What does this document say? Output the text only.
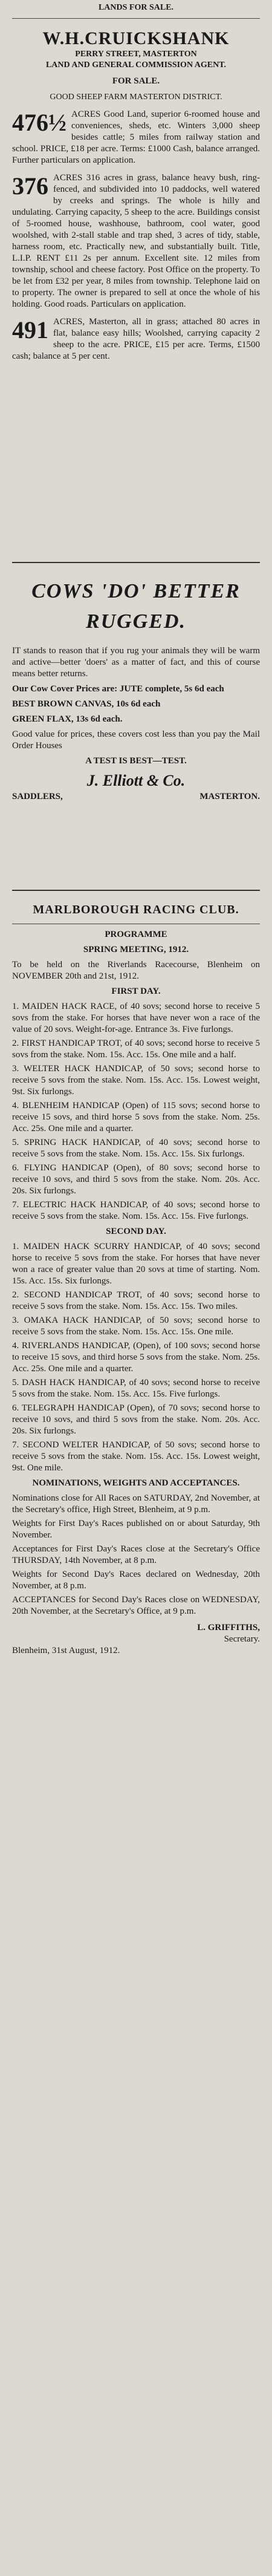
LANDS FOR SALE.
W.H.CRUICKSHANK
PERRY STREET, MASTERTON
LAND AND GENERAL COMMISSION AGENT.
FOR SALE.
GOOD SHEEP FARM MASTERTON DISTRICT.
476½ ACRES Good Land, superior 6-roomed house and conveniences, sheds, etc. Winters 3,000 sheep besides cattle; 5 miles from railway station and school. PRICE, £18 per acre. Terms: £1000 Cash, balance arranged. Further particulars on application.
376 ACRES 316 acres in grass, balance heavy bush, ring-fenced, and subdivided into 10 paddocks, well watered by creeks and springs. The whole is hilly and undulating. Carrying capacity, 5 sheep to the acre. Buildings consist of 5-roomed house, washhouse, bathroom, cool water, good woolshed, with 2-stall stable and trap shed, 3 acres of tidy, stable, harness room, etc. Practically new, and substantially built. Title, L.I.P. RENT £11 2s per annum. Excellent site. 12 miles from township, school and cheese factory. Post Office on the property. To be let from £32 per year, 8 miles from township. Telephone laid on to property. The owner is prepared to sell at once the whole of his holding. Good roads. Particulars on application.
491 ACRES, Masterton, all in grass; attached 80 acres in flat, balance easy hills; Woolshed, carrying capacity 2 sheep to the acre. PRICE, £15 per acre. Terms, £1500 cash; balance at 5 per cent.
COWS 'DO' BETTER
RUGGED.

IT stands to reason that if you rug your animals they will be warm and active—better 'doers' as a matter of fact, and this of course means better returns.

Our Cow Cover Prices are: JUTE complete, 5s 6d each

BEST BROWN CANVAS, 10s 6d each

GREEN FLAX, 13s 6d each.

Good value for prices, these covers cost less than you pay the Mail Order Houses

A TEST IS BEST—TEST.

J. Elliott & Co.
SADDLERS,	MASTERTON.
MARLBOROUGH RACING CLUB.
PROGRAMME
SPRING MEETING, 1912.

To be held on the Riverlands Racecourse, Blenheim on NOVEMBER 20th and 21st, 1912.

FIRST DAY.

1. MAIDEN HACK RACE, of 40 sovs; second horse to receive 5 sovs from the stake. For horses that have never won a race of the value of 20 sovs. Weight-for-age. Entrance 3s. Five furlongs.

2. FIRST HANDICAP TROT, of 40 sovs; second horse to receive 5 sovs from the stake. Nom. 15s. Acc. 15s. One mile and a half.

3. WELTER HACK HANDICAP, of 50 sovs; second horse to receive 5 sovs from the stake. Nom. 15s. Acc. 15s. Lowest weight, 9st. Six furlongs.

4. BLENHEIM HANDICAP (Open) of 115 sovs; second horse to receive 15 sovs, and third horse 5 sovs from the stake. Nom. 25s. Acc. 25s. One mile and a quarter.

5. SPRING HACK HANDICAP, of 40 sovs; second horse to receive 5 sovs from the stake. Nom. 15s. Acc. 15s. Six furlongs.

6. FLYING HANDICAP (Open), of 80 sovs; second horse to receive 10 sovs, and third 5 sovs from the stake. Nom. 20s. Acc. 20s. Six furlongs.

7. ELECTRIC HACK HANDICAP, of 40 sovs; second horse to receive 5 sovs from the stake. Nom. 15s. Acc. 15s. Five furlongs.

SECOND DAY.

1. MAIDEN HACK SCURRY HANDICAP, of 40 sovs; second horse to receive 5 sovs from the stake. For horses that have never won a race of greater value than 20 sovs at time of starting. Nom. 15s. Acc. 15s. Six furlongs.

2. SECOND HANDICAP TROT, of 40 sovs; second horse to receive 5 sovs from the stake. Nom. 15s. Acc. 15s. Two miles.

3. OMAKA HACK HANDICAP, of 50 sovs; second horse to receive 5 sovs from the stake. Nom. 15s. Acc. 15s. One mile.

4. RIVERLANDS HANDICAP, (Open), of 100 sovs; second horse to receive 15 sovs, and third horse 5 sovs from the stake. Nom. 25s. Acc. 25s. One mile and a quarter.

5. DASH HACK HANDICAP, of 40 sovs; second horse to receive 5 sovs from the stake. Nom. 15s. Acc. 15s. Five furlongs.

6. TELEGRAPH HANDICAP (Open), of 70 sovs; second horse to receive 10 sovs, and third 5 sovs from the stake. Nom. 20s. Acc. 20s. Six furlongs.

7. SECOND WELTER HANDICAP, of 50 sovs; second horse to receive 5 sovs from the stake. Nom. 15s. Acc. 15s. Lowest weight, 9st. One mile.

NOMINATIONS, WEIGHTS AND ACCEPTANCES.

Nominations close for All Races on SATURDAY, 2nd November, at the Secretary's office, High Street, Blenheim, at 9 p.m.

Weights for First Day's Races published on or about Saturday, 9th November.

Acceptances for First Day's Races close at the Secretary's Office THURSDAY, 14th November, at 8 p.m.

Weights for Second Day's Races declared on Wednesday, 20th November, at 8 p.m.

ACCEPTANCES for Second Day's Races close on WEDNESDAY, 20th November, at the Secretary's Office, at 9 p.m.

L. GRIFFITHS,
Secretary.
Blenheim, 31st August, 1912.
